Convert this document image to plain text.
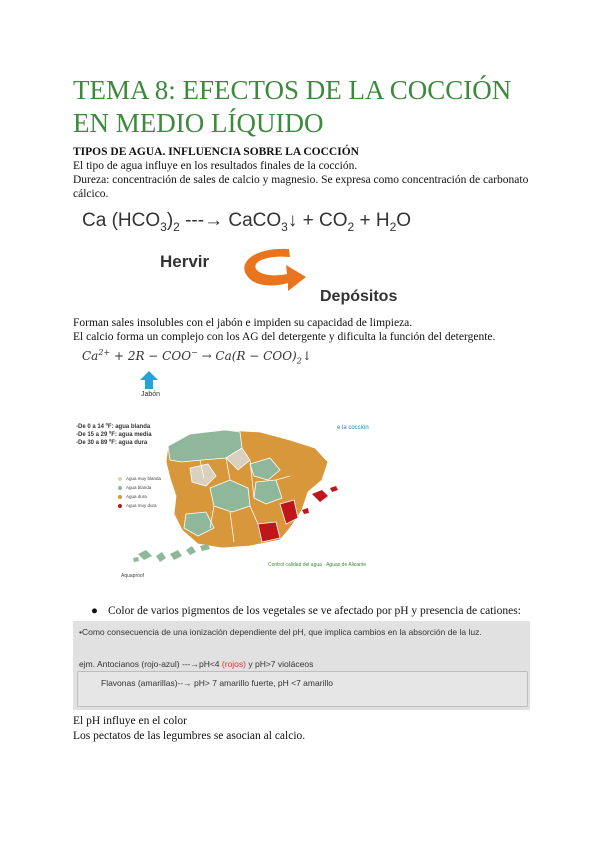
TEMA 8: EFECTOS DE LA COCCIÓN EN MEDIO LÍQUIDO
TIPOS DE AGUA. INFLUENCIA SOBRE LA COCCIÓN
El tipo de agua influye en los resultados finales de la cocción.
Dureza: concentración de sales de calcio y magnesio. Se expresa como concentración de carbonato
cálcico.
Ca $(HCO_3)_2$ ---→ CaCO$_3$↓ + $CO_2 + H_2O$
Hervir
Depósitos
Forman sales insolubles con el jabón e impiden su capacidad de limpieza.
El calcio forma un complejo con los AG del detergente y dificulta la función del detergente.
$Ca^{2+} + 2R - COO^- \to Ca(R$ − $COO)_2↓$
Jabón
-De 0 a 14 ºF: agua blanda
-De 15 a 29 ºF: agua media
-De 30 a 89 ºF: agua dura
e la cocción
Agua muy blanda
Agua blanda
Agua dura
Agua muy dura
Control calidad del agua · Aguas de Alicante
Aquaproof
● Color de varios pigmentos de los vegetales se ve afectado por pH y presencia de cationes:
•Como consecuencia de una ionización dependiente del pH, que implica cambios en la absorción de la luz.
ejm. Antocianos (rojo-azul) ---→pH<4 (rojos) y pH>7 violáceos
Flavonas (amarillas)--→ pH> 7 amarillo fuerte, pH <7 amarillo
El pH influye en el color
Los pectatos de las legumbres se asocian al calcio.
